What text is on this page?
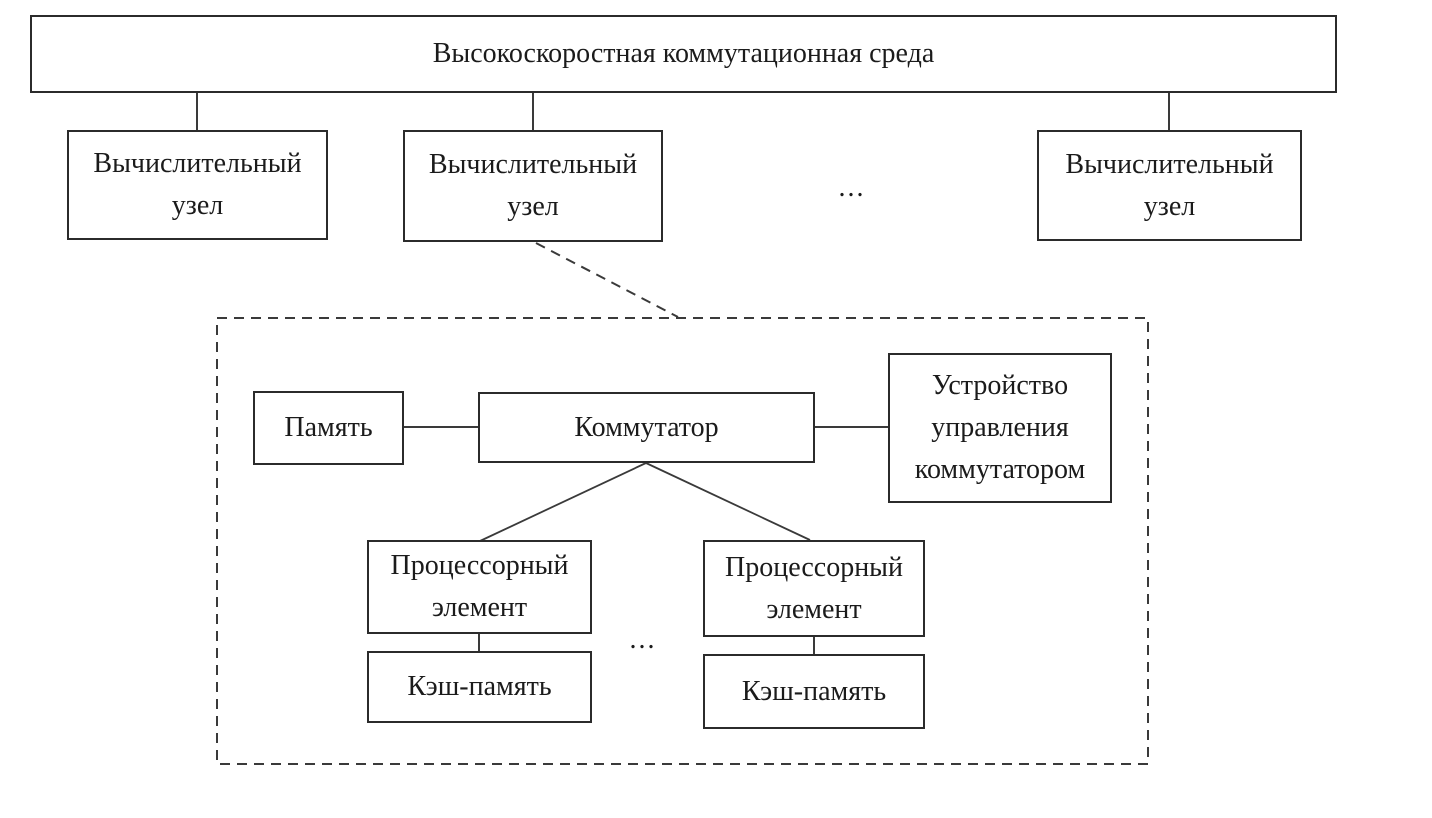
Высокоскоростная коммутационная среда
Вычислительный узел
Вычислительный узел
...
Вычислительный узел
Память	Коммутатор
Устройство управления коммутатором
Процессорный элемент
...
Процессорный элемент
Кэш-память	Кэш-память
